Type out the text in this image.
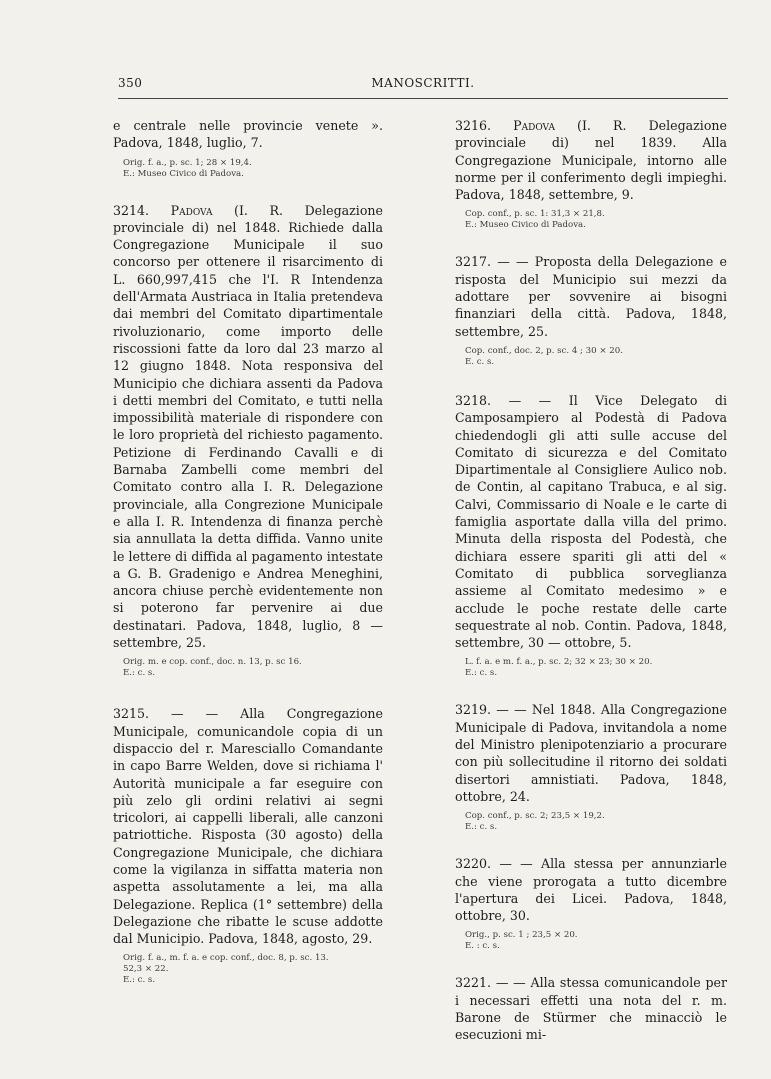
350	MANOSCRITTI.

e centrale nelle provincie venete ». Padova, 1848, luglio, 7.

Orig. f. a., p. sc. 1; 28 × 19,4.
E.: Museo Civico di Padova.

3214. Padova (I. R. Delegazione provinciale di) nel 1848. Richiede dalla Congregazione Municipale il suo concorso per ottenere il risarcimento di L. 660,997,415 che l'I. R Intendenza dell'Armata Austriaca in Italia pretendeva dai membri del Comitato dipartimentale rivoluzionario, come importo delle riscossioni fatte da loro dal 23 marzo al 12 giugno 1848. Nota responsiva del Municipio che dichiara assenti da Padova i detti membri del Comitato, e tutti nella impossibilità materiale di rispondere con le loro proprietà del richiesto pagamento. Petizione di Ferdinando Cavalli e di Barnaba Zambelli come membri del Comitato contro alla I. R. Delegazione provinciale, alla Congrezione Municipale e alla I. R. Intendenza di finanza perchè sia annullata la detta diffida. Vanno unite le lettere di diffida al pagamento intestate a G. B. Gradenigo e Andrea Meneghini, ancora chiuse perchè evidentemente non si poterono far pervenire ai due destinatari. Padova, 1848, luglio, 8 — settembre, 25.

Orig. m. e cop. conf., doc. n. 13, p. sc 16.
E.: c. s.

3215. — — Alla Congregazione Municipale, comunicandole copia di un dispaccio del r. Maresciallo Comandante in capo Barre Welden, dove si richiama l' Autorità municipale a far eseguire con più zelo gli ordini relativi ai segni tricolori, ai cappelli liberali, alle canzoni patriottiche. Risposta (30 agosto) della Congregazione Municipale, che dichiara come la vigilanza in siffatta materia non aspetta assolutamente a lei, ma alla Delegazione. Replica (1° settembre) della Delegazione che ribatte le scuse addotte dal Municipio. Padova, 1848, agosto, 29.

Orig. f. a., m. f. a. e cop. conf., doc. 8, p. sc. 13.
52,3 × 22.
E.: c. s.

3216. Padova (I. R. Delegazione provinciale di) nel 1839. Alla Congregazione Municipale, intorno alle norme per il conferimento degli impieghi. Padova, 1848, settembre, 9.

Cop. conf., p. sc. 1: 31,3 × 21,8.
E.: Museo Civico di Padova.

3217. — — Proposta della Delegazione e risposta del Municipio sui mezzi da adottare per sovvenire ai bisogni finanziari della città. Padova, 1848, settembre, 25.

Cop. conf., doc. 2, p. sc. 4 ; 30 × 20.
E. c. s.

3218. — — Il Vice Delegato di Camposampiero al Podestà di Padova chiedendogli gli atti sulle accuse del Comitato di sicurezza e del Comitato Dipartimentale al Consigliere Aulico nob. de Contin, al capitano Trabuca, e al sig. Calvi, Commissario di Noale e le carte di famiglia asportate dalla villa del primo. Minuta della risposta del Podestà, che dichiara essere spariti gli atti del « Comitato di pubblica sorveglianza assieme al Comitato medesimo » e acclude le poche restate delle carte sequestrate al nob. Contin. Padova, 1848, settembre, 30 — ottobre, 5.

L. f. a. e m. f. a., p. sc. 2; 32 × 23; 30 × 20.
E.: c. s.

3219. — — Nel 1848. Alla Congregazione Municipale di Padova, invitandola a nome del Ministro plenipotenziario a procurare con più sollecitudine il ritorno dei soldati disertori amnistiati. Padova, 1848, ottobre, 24.

Cop. conf., p. sc. 2; 23,5 × 19,2.
E.: c. s.

3220. — — Alla stessa per annunziarle che viene prorogata a tutto dicembre l'apertura dei Licei. Padova, 1848, ottobre, 30.

Orig., p. sc. 1 ; 23,5 × 20.
E. : c. s.

3221. — — Alla stessa comunicandole per i necessari effetti una nota del r. m. Barone de Stürmer che minacciò le esecuzioni mi-
